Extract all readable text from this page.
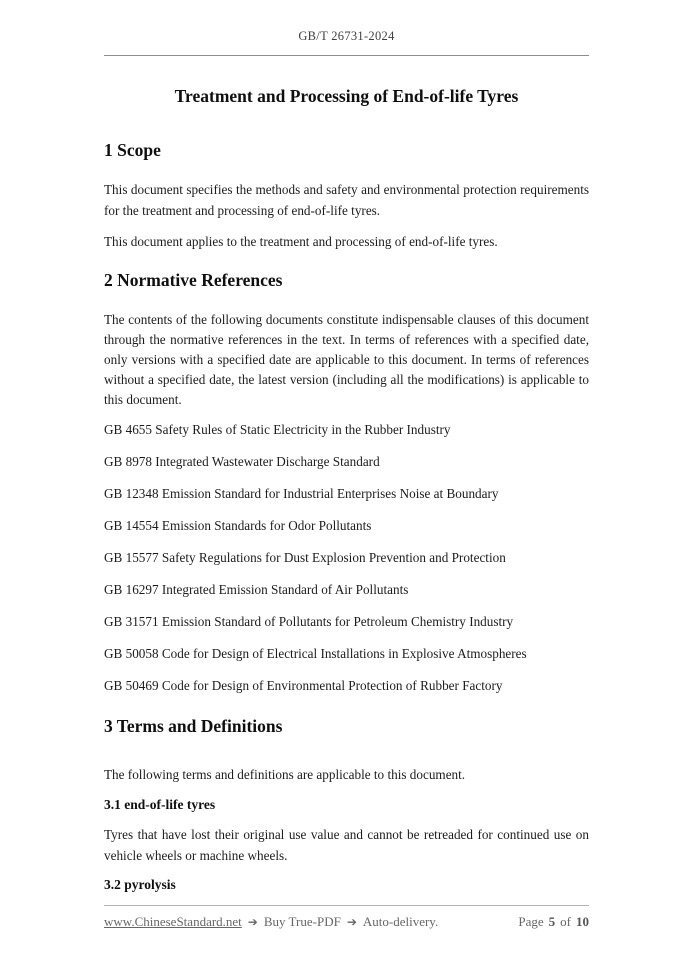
GB/T 26731-2024
Treatment and Processing of End-of-life Tyres
1 Scope

This document specifies the methods and safety and environmental protection requirements for the treatment and processing of end-of-life tyres.

This document applies to the treatment and processing of end-of-life tyres.

2 Normative References

The contents of the following documents constitute indispensable clauses of this document through the normative references in the text. In terms of references with a specified date, only versions with a specified date are applicable to this document. In terms of references without a specified date, the latest version (including all the modifications) is applicable to this document.

GB 4655 Safety Rules of Static Electricity in the Rubber Industry
GB 8978 Integrated Wastewater Discharge Standard
GB 12348 Emission Standard for Industrial Enterprises Noise at Boundary
GB 14554 Emission Standards for Odor Pollutants
GB 15577 Safety Regulations for Dust Explosion Prevention and Protection
GB 16297 Integrated Emission Standard of Air Pollutants
GB 31571 Emission Standard of Pollutants for Petroleum Chemistry Industry
GB 50058 Code for Design of Electrical Installations in Explosive Atmospheres
GB 50469 Code for Design of Environmental Protection of Rubber Factory
3 Terms and Definitions

The following terms and definitions are applicable to this document.

3.1 end-of-life tyres

Tyres that have lost their original use value and cannot be retreaded for continued use on vehicle wheels or machine wheels.

3.2 pyrolysis
www.ChineseStandard.net ➔ Buy True-PDF ➔ Auto-delivery.	Page 5 of 10
